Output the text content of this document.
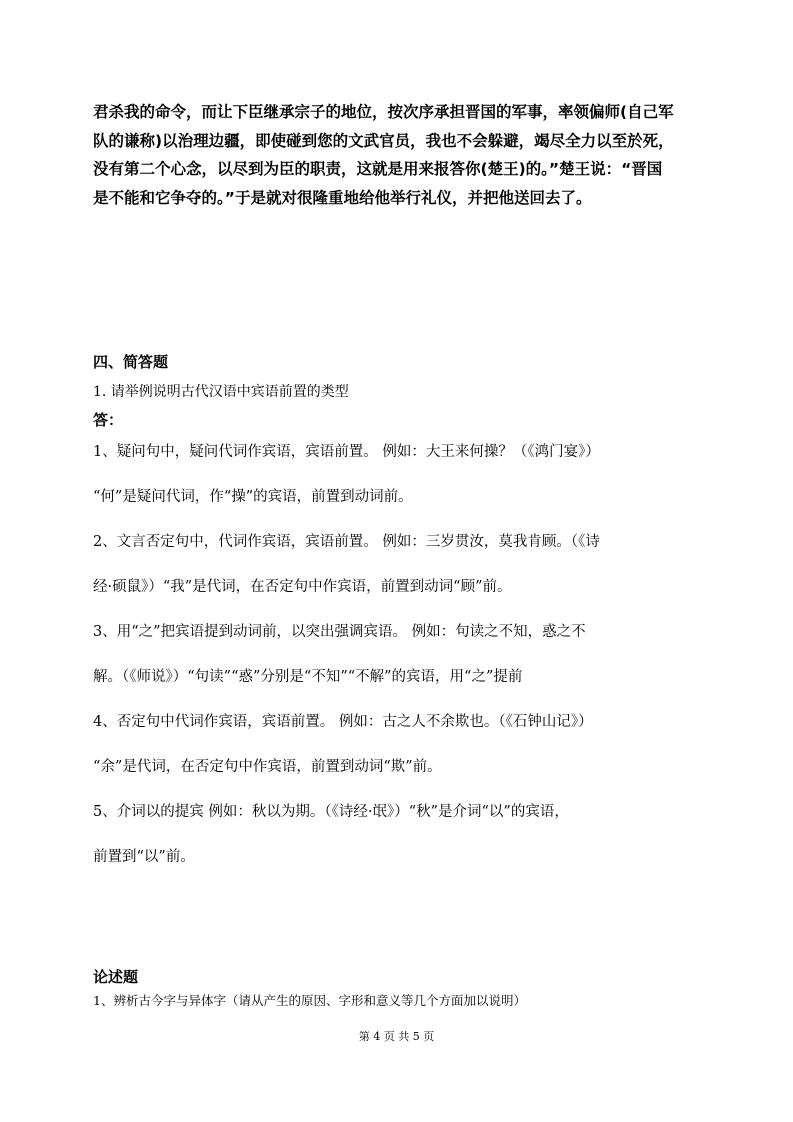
君杀我的命令，而让下臣继承宗子的地位，按次序承担晋国的军事，率领偏师(自己军

队的谦称)以治理边疆，即使碰到您的文武官员，我也不会躲避，竭尽全力以至於死，

没有第二个心念，以尽到为臣的职责，这就是用来报答你(楚王)的。”楚王说：“晋国

是不能和它争夺的。”于是就对很隆重地给他举行礼仪，并把他送回去了。

四、简答题
1. 请举例说明古代汉语中宾语前置的类型
答：

1、疑问句中，疑问代词作宾语，宾语前置。 例如：大王来何操？（《鸿门宴》）

“何”是疑问代词，作“操”的宾语，前置到动词前。

2、文言否定句中，代词作宾语，宾语前置。 例如：三岁贯汝，莫我肯顾。（《诗

经·硕鼠》）“我”是代词，在否定句中作宾语，前置到动词“顾”前。

3、用“之”把宾语提到动词前，以突出强调宾语。 例如：句读之不知，惑之不

解。（《师说》）“句读”“惑”分别是“不知”“不解”的宾语，用“之”提前

4、否定句中代词作宾语，宾语前置。 例如：古之人不余欺也。（《石钟山记》）

“余”是代词，在否定句中作宾语，前置到动词“欺”前。

5、介词以的提宾 例如：秋以为期。（《诗经·氓》）“秋”是介词“以”的宾语，

前置到“以”前。

论述题
1、辨析古今字与异体字（请从产生的原因、字形和意义等几个方面加以说明）
第 4 页 共 5 页
